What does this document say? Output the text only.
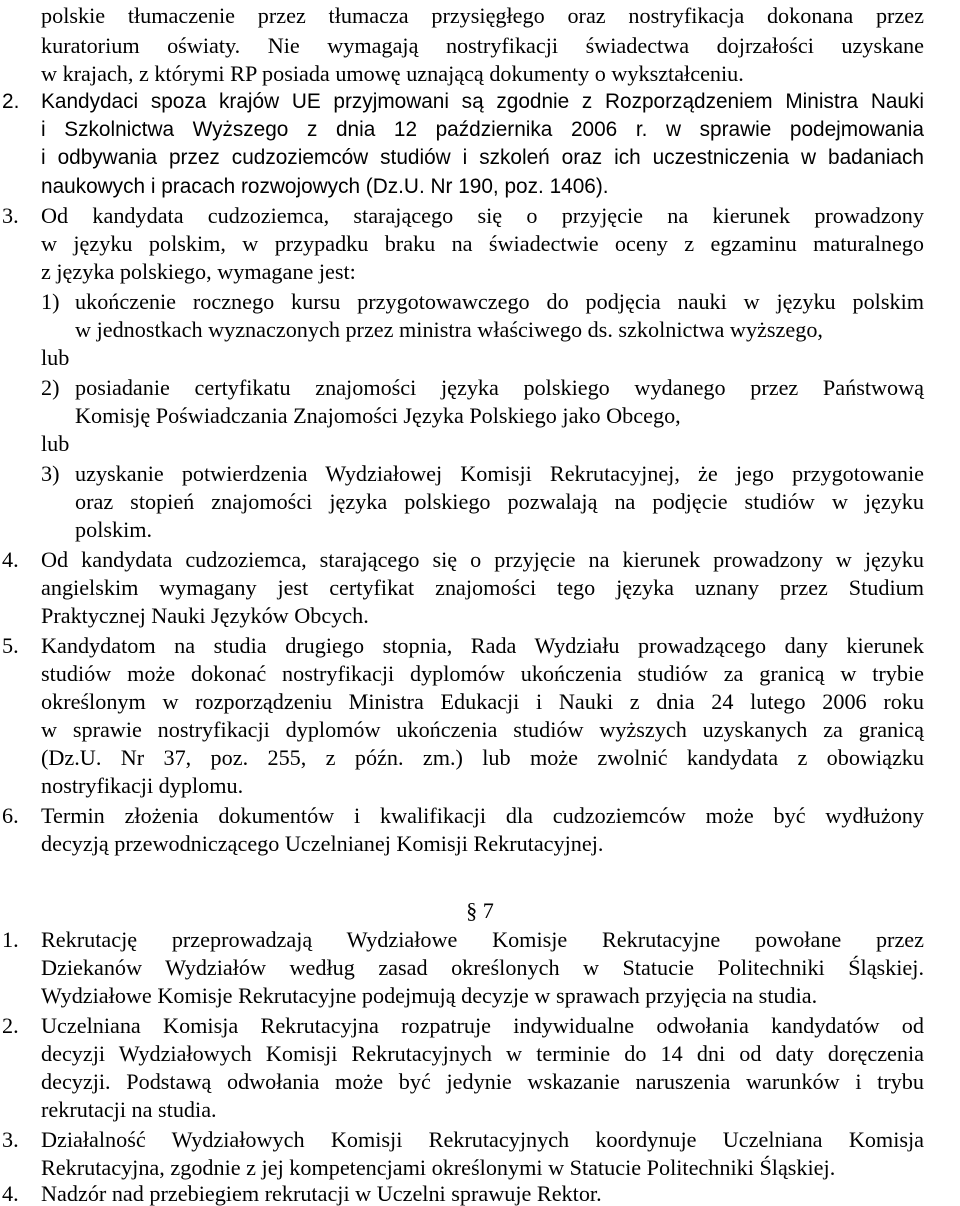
§ 7
polskie tłumaczenie przez tłumacza przysięgłego oraz nostryfikacja dokonana przez
kuratorium oświaty. Nie wymagają nostryfikacji świadectwa dojrzałości uzyskane
w krajach, z którymi RP posiada umowę uznającą dokumenty o wykształceniu.
2. Kandydaci spoza krajów UE przyjmowani są zgodnie z Rozporządzeniem Ministra Nauki
i Szkolnictwa Wyższego z dnia 12 października 2006 r. w sprawie podejmowania
i odbywania przez cudzoziemców studiów i szkoleń oraz ich uczestniczenia w badaniach
naukowych i pracach rozwojowych (Dz.U. Nr 190, poz. 1406).
3. Od kandydata cudzoziemca, starającego się o przyjęcie na kierunek prowadzony
w języku polskim, w przypadku braku na świadectwie oceny z egzaminu maturalnego
z języka polskiego, wymagane jest:
1) ukończenie rocznego kursu przygotowawczego do podjęcia nauki w języku polskim
w jednostkach wyznaczonych przez ministra właściwego ds. szkolnictwa wyższego,
lub
2) posiadanie certyfikatu znajomości języka polskiego wydanego przez Państwową
Komisję Poświadczania Znajomości Języka Polskiego jako Obcego,
lub
3) uzyskanie potwierdzenia Wydziałowej Komisji Rekrutacyjnej, że jego przygotowanie
oraz stopień znajomości języka polskiego pozwalają na podjęcie studiów w języku
polskim.
4. Od kandydata cudzoziemca, starającego się o przyjęcie na kierunek prowadzony w języku
angielskim wymagany jest certyfikat znajomości tego języka uznany przez Studium
Praktycznej Nauki Języków Obcych.
5. Kandydatom na studia drugiego stopnia, Rada Wydziału prowadzącego dany kierunek
studiów może dokonać nostryfikacji dyplomów ukończenia studiów za granicą w trybie
określonym w rozporządzeniu Ministra Edukacji i Nauki z dnia 24 lutego 2006 roku
w sprawie nostryfikacji dyplomów ukończenia studiów wyższych uzyskanych za granicą
(Dz.U. Nr 37, poz. 255, z późn. zm.) lub może zwolnić kandydata z obowiązku
nostryfikacji dyplomu.
6. Termin złożenia dokumentów i kwalifikacji dla cudzoziemców może być wydłużony
decyzją przewodniczącego Uczelnianej Komisji Rekrutacyjnej.
1. Rekrutację przeprowadzają Wydziałowe Komisje Rekrutacyjne powołane przez
Dziekanów Wydziałów według zasad określonych w Statucie Politechniki Śląskiej.
Wydziałowe Komisje Rekrutacyjne podejmują decyzje w sprawach przyjęcia na studia.
2. Uczelniana Komisja Rekrutacyjna rozpatruje indywidualne odwołania kandydatów od
decyzji Wydziałowych Komisji Rekrutacyjnych w terminie do 14 dni od daty doręczenia
decyzji. Podstawą odwołania może być jedynie wskazanie naruszenia warunków i trybu
rekrutacji na studia.
3. Działalność Wydziałowych Komisji Rekrutacyjnych koordynuje Uczelniana Komisja
Rekrutacyjna, zgodnie z jej kompetencjami określonymi w Statucie Politechniki Śląskiej.
4. Nadzór nad przebiegiem rekrutacji w Uczelni sprawuje Rektor.
